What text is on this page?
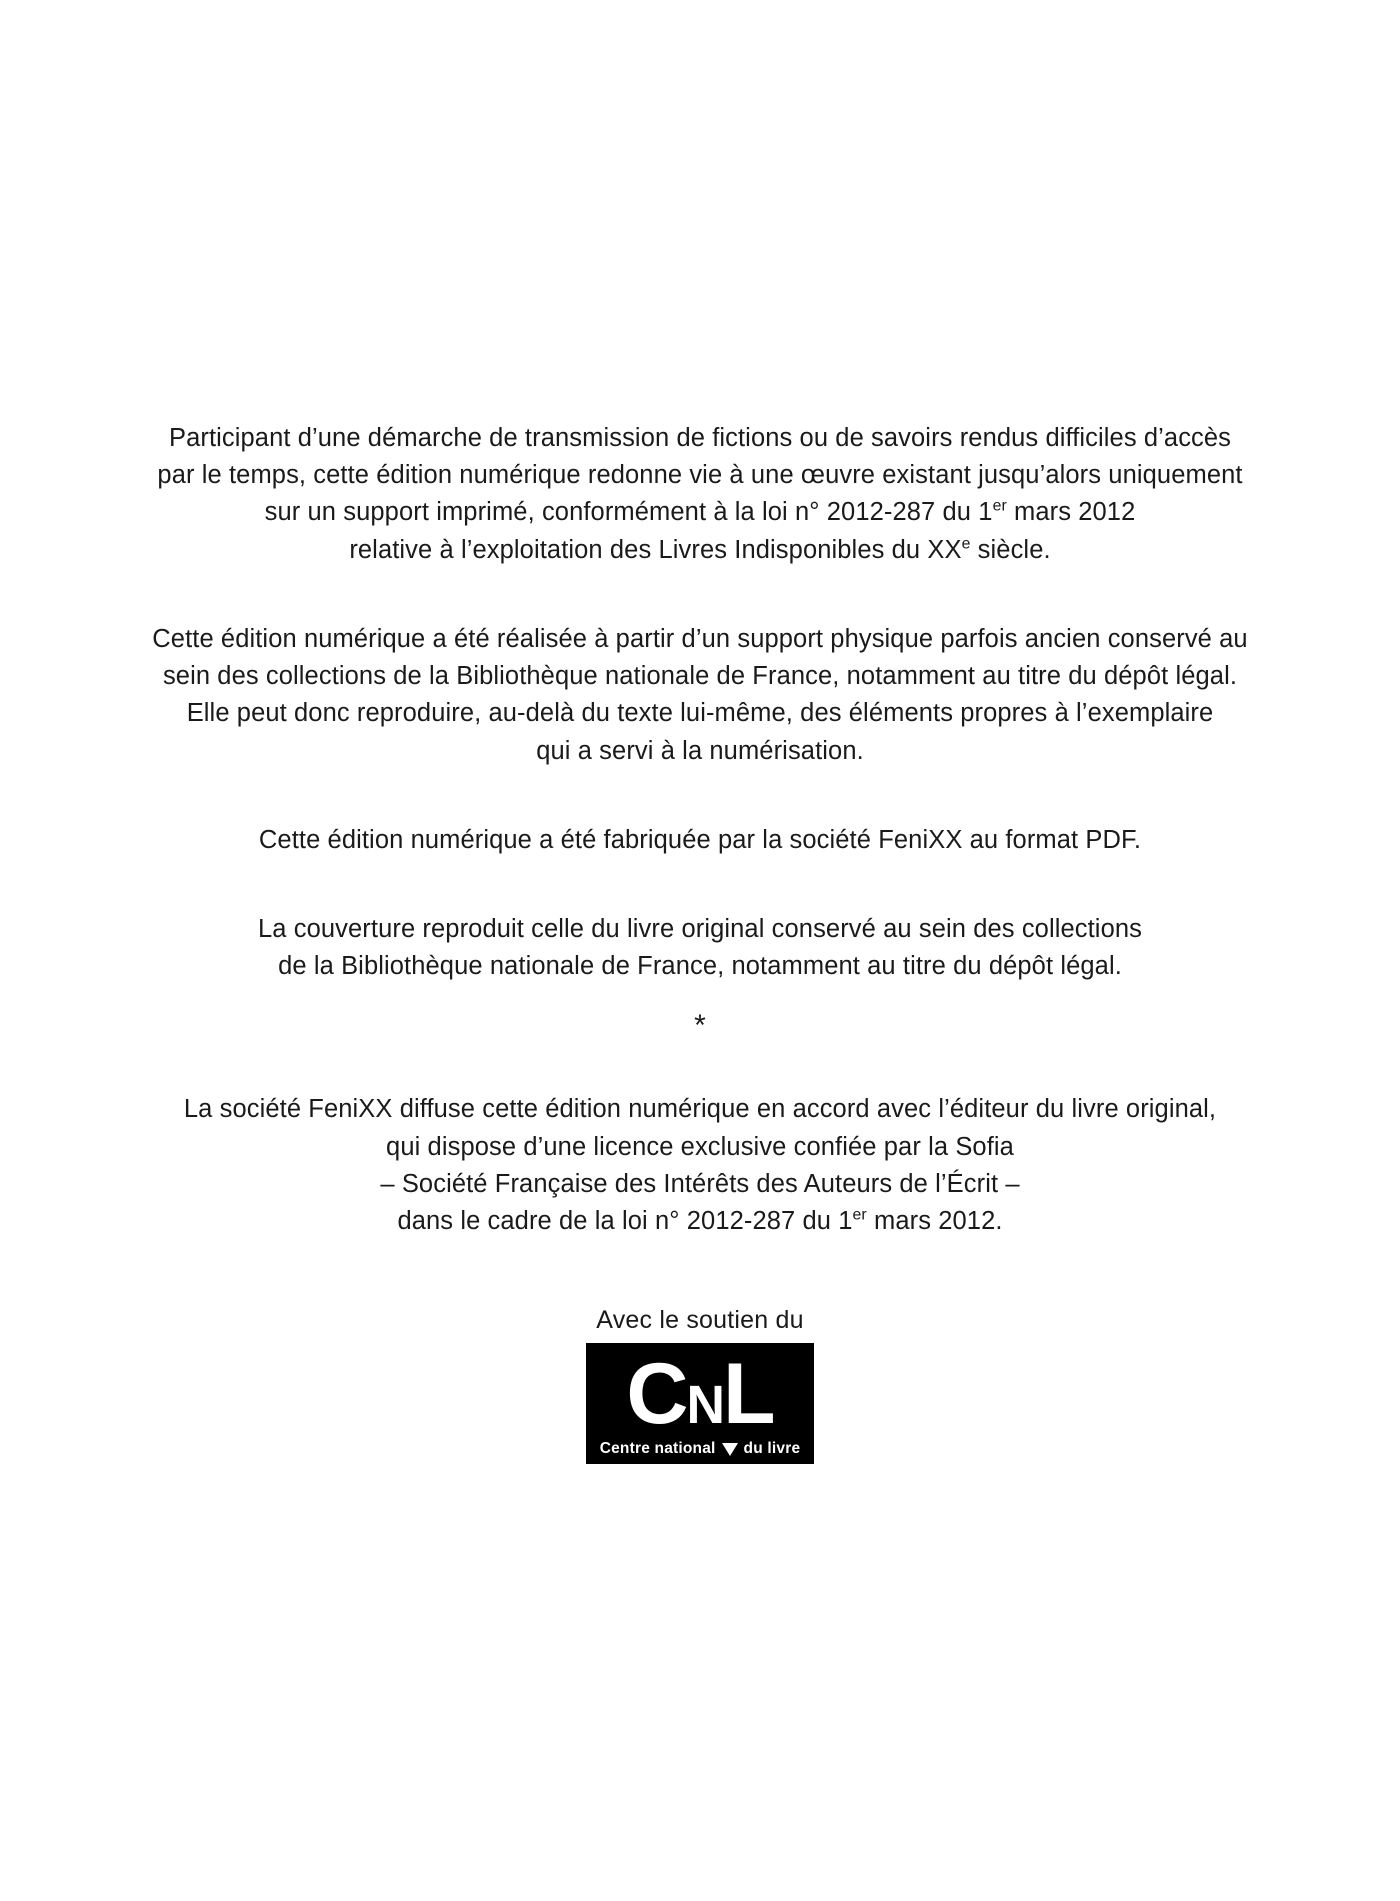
Participant d’une démarche de transmission de fictions ou de savoirs rendus difficiles d’accès
par le temps, cette édition numérique redonne vie à une œuvre existant jusqu’alors uniquement
sur un support imprimé, conformément à la loi n° 2012-287 du 1er mars 2012
relative à l’exploitation des Livres Indisponibles du XXe siècle.

Cette édition numérique a été réalisée à partir d’un support physique parfois ancien conservé au
sein des collections de la Bibliothèque nationale de France, notamment au titre du dépôt légal.
Elle peut donc reproduire, au-delà du texte lui-même, des éléments propres à l’exemplaire
qui a servi à la numérisation.

Cette édition numérique a été fabriquée par la société FeniXX au format PDF.

La couverture reproduit celle du livre original conservé au sein des collections
de la Bibliothèque nationale de France, notamment au titre du dépôt légal.

*

La société FeniXX diffuse cette édition numérique en accord avec l’éditeur du livre original,
qui dispose d’une licence exclusive confiée par la Sofia
– Société Française des Intérêts des Auteurs de l’Écrit –
dans le cadre de la loi n° 2012-287 du 1er mars 2012.

Avec le soutien du
CNL
Centre national du livre
